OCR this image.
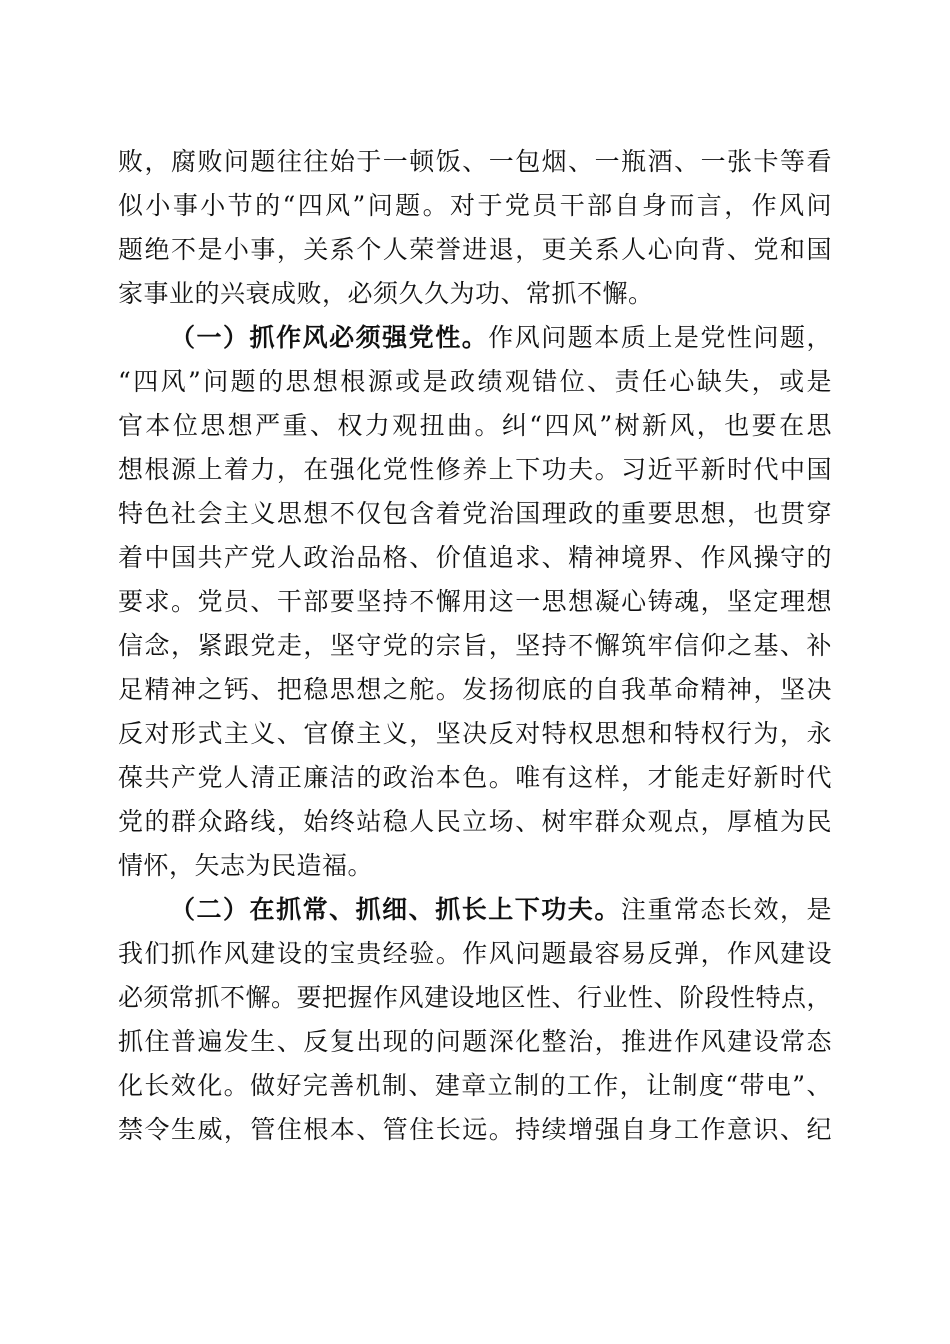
败，腐败问题往往始于一顿饭、一包烟、一瓶酒、一张卡等看
似小事小节的“四风”问题。对于党员干部自身而言，作风问
题绝不是小事，关系个人荣誉进退，更关系人心向背、党和国
家事业的兴衰成败，必须久久为功、常抓不懈。
（一）抓作风必须强党性。作风问题本质上是党性问题，
“四风”问题的思想根源或是政绩观错位、责任心缺失，或是
官本位思想严重、权力观扭曲。纠“四风”树新风，也要在思
想根源上着力，在强化党性修养上下功夫。习近平新时代中国
特色社会主义思想不仅包含着党治国理政的重要思想，也贯穿
着中国共产党人政治品格、价值追求、精神境界、作风操守的
要求。党员、干部要坚持不懈用这一思想凝心铸魂，坚定理想
信念，紧跟党走，坚守党的宗旨，坚持不懈筑牢信仰之基、补
足精神之钙、把稳思想之舵。发扬彻底的自我革命精神，坚决
反对形式主义、官僚主义，坚决反对特权思想和特权行为，永
葆共产党人清正廉洁的政治本色。唯有这样，才能走好新时代
党的群众路线，始终站稳人民立场、树牢群众观点，厚植为民
情怀，矢志为民造福。
（二）在抓常、抓细、抓长上下功夫。注重常态长效，是
我们抓作风建设的宝贵经验。作风问题最容易反弹，作风建设
必须常抓不懈。要把握作风建设地区性、行业性、阶段性特点，
抓住普遍发生、反复出现的问题深化整治，推进作风建设常态
化长效化。做好完善机制、建章立制的工作，让制度“带电”、
禁令生威，管住根本、管住长远。持续增强自身工作意识、纪
